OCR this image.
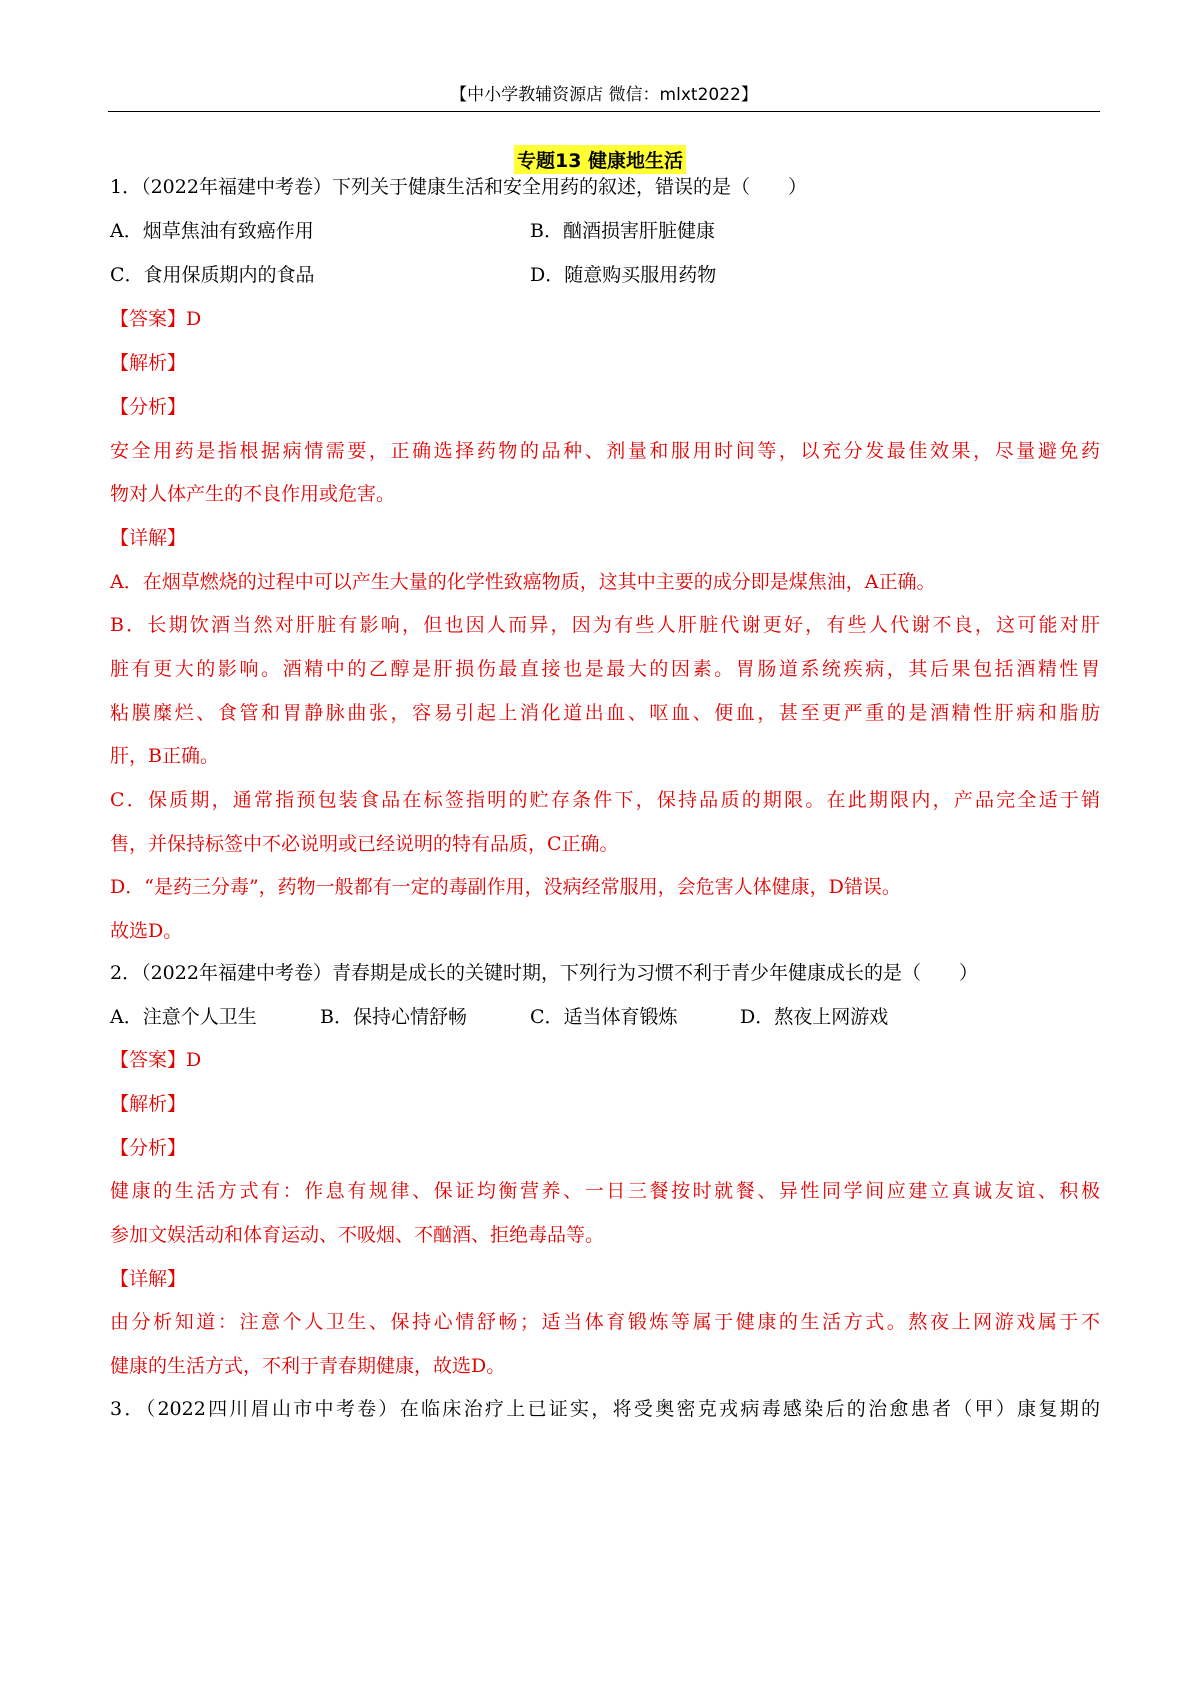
【中小学教辅资源店 微信：mlxt2022】
专题13 健康地生活
1．（2022年福建中考卷）下列关于健康生活和安全用药的叙述，错误的是（　　）
A．烟草焦油有致癌作用	B．酗酒损害肝脏健康
C．食用保质期内的食品	D．随意购买服用药物
【答案】D
【解析】
【分析】
安全用药是指根据病情需要，正确选择药物的品种、剂量和服用时间等，以充分发最佳效果，尽量避免药
物对人体产生的不良作用或危害。
【详解】
A．在烟草燃烧的过程中可以产生大量的化学性致癌物质，这其中主要的成分即是煤焦油，A正确。
B．长期饮酒当然对肝脏有影响，但也因人而异，因为有些人肝脏代谢更好，有些人代谢不良，这可能对肝
脏有更大的影响。酒精中的乙醇是肝损伤最直接也是最大的因素。胃肠道系统疾病，其后果包括酒精性胃
粘膜糜烂、食管和胃静脉曲张，容易引起上消化道出血、呕血、便血，甚至更严重的是酒精性肝病和脂肪
肝，B正确。
C．保质期，通常指预包装食品在标签指明的贮存条件下，保持品质的期限。在此期限内，产品完全适于销
售，并保持标签中不必说明或已经说明的特有品质，C正确。
D．“是药三分毒”，药物一般都有一定的毒副作用，没病经常服用，会危害人体健康，D错误。
故选D。
2．（2022年福建中考卷）青春期是成长的关键时期，下列行为习惯不利于青少年健康成长的是（　　）
A．注意个人卫生	B．保持心情舒畅	C．适当体育锻炼	D．熬夜上网游戏
【答案】D
【解析】
【分析】
健康的生活方式有：作息有规律、保证均衡营养、一日三餐按时就餐、异性同学间应建立真诚友谊、积极
参加文娱活动和体育运动、不吸烟、不酗酒、拒绝毒品等。
【详解】
由分析知道：注意个人卫生、保持心情舒畅；适当体育锻炼等属于健康的生活方式。熬夜上网游戏属于不
健康的生活方式，不利于青春期健康，故选D。
3．（2022四川眉山市中考卷）在临床治疗上已证实，将受奥密克戎病毒感染后的治愈患者（甲）康复期的
